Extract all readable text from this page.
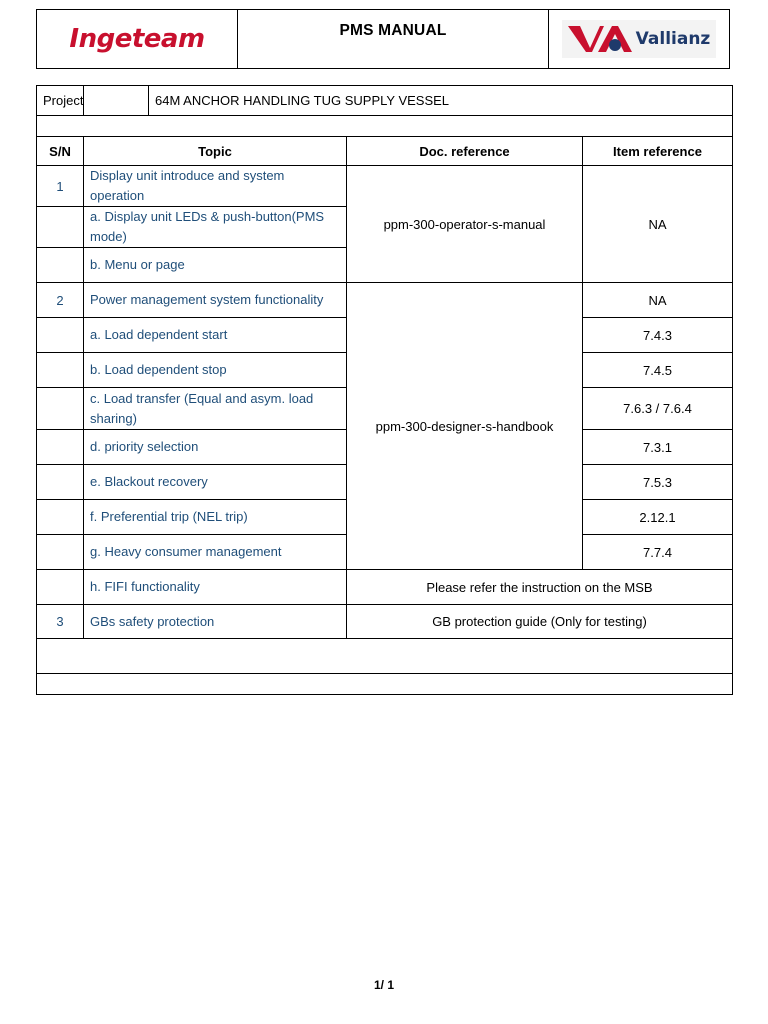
Ingeteam	PMS MANUAL	Vallianz
Project	64M ANCHOR HANDLING TUG SUPPLY VESSEL		

S/N	Topic	Doc. reference	Item reference
1	Display unit introduce and system operation	ppm-300-operator-s-manual	NA
	a. Display unit LEDs & push-button(PMS mode)		
	b. Menu or page		
2	Power management system functionality	ppm-300-designer-s-handbook	NA
	a. Load dependent start		7.4.3
	b. Load dependent stop		7.4.5
	c. Load transfer (Equal and asym. load sharing)		7.6.3 / 7.6.4
	d. priority selection		7.3.1
	e. Blackout recovery		7.5.3
	f. Preferential trip (NEL trip)		2.12.1
	g. Heavy consumer management		7.7.4
	h. FIFI functionality	Please refer the instruction on the MSB	
3	GBs safety protection	GB protection guide (Only for testing)	

1/ 1
